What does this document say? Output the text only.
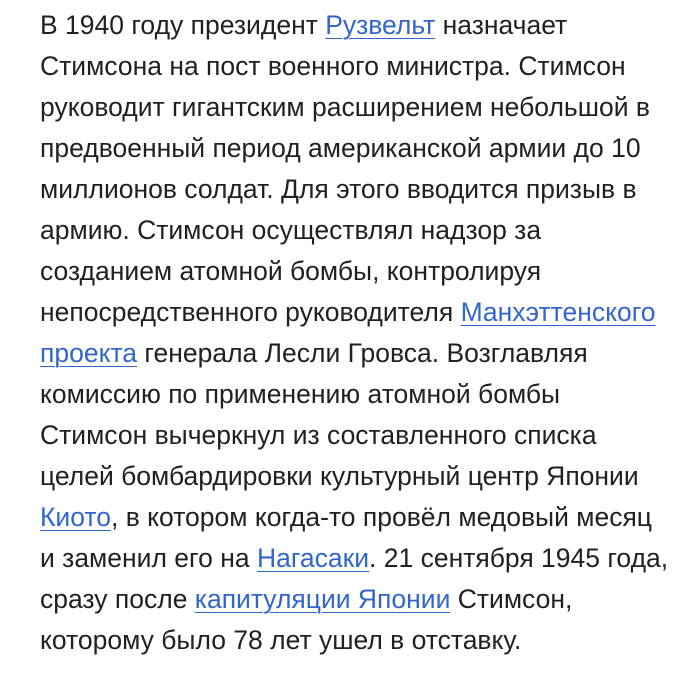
В 1940 году президент Рузвельт назначает
Стимсона на пост военного министра. Стимсон
руководит гигантским расширением небольшой в
предвоенный период американской армии до 10
миллионов солдат. Для этого вводится призыв в
армию. Стимсон осуществлял надзор за
созданием атомной бомбы, контролируя
непосредственного руководителя Манхэттенского
проекта генерала Лесли Гровса. Возглавляя
комиссию по применению атомной бомбы
Стимсон вычеркнул из составленного списка
целей бомбардировки культурный центр Японии
Киото, в котором когда-то провёл медовый месяц
и заменил его на Нагасаки. 21 сентября 1945 года,
сразу после капитуляции Японии Стимсон,
которому было 78 лет ушел в отставку.
